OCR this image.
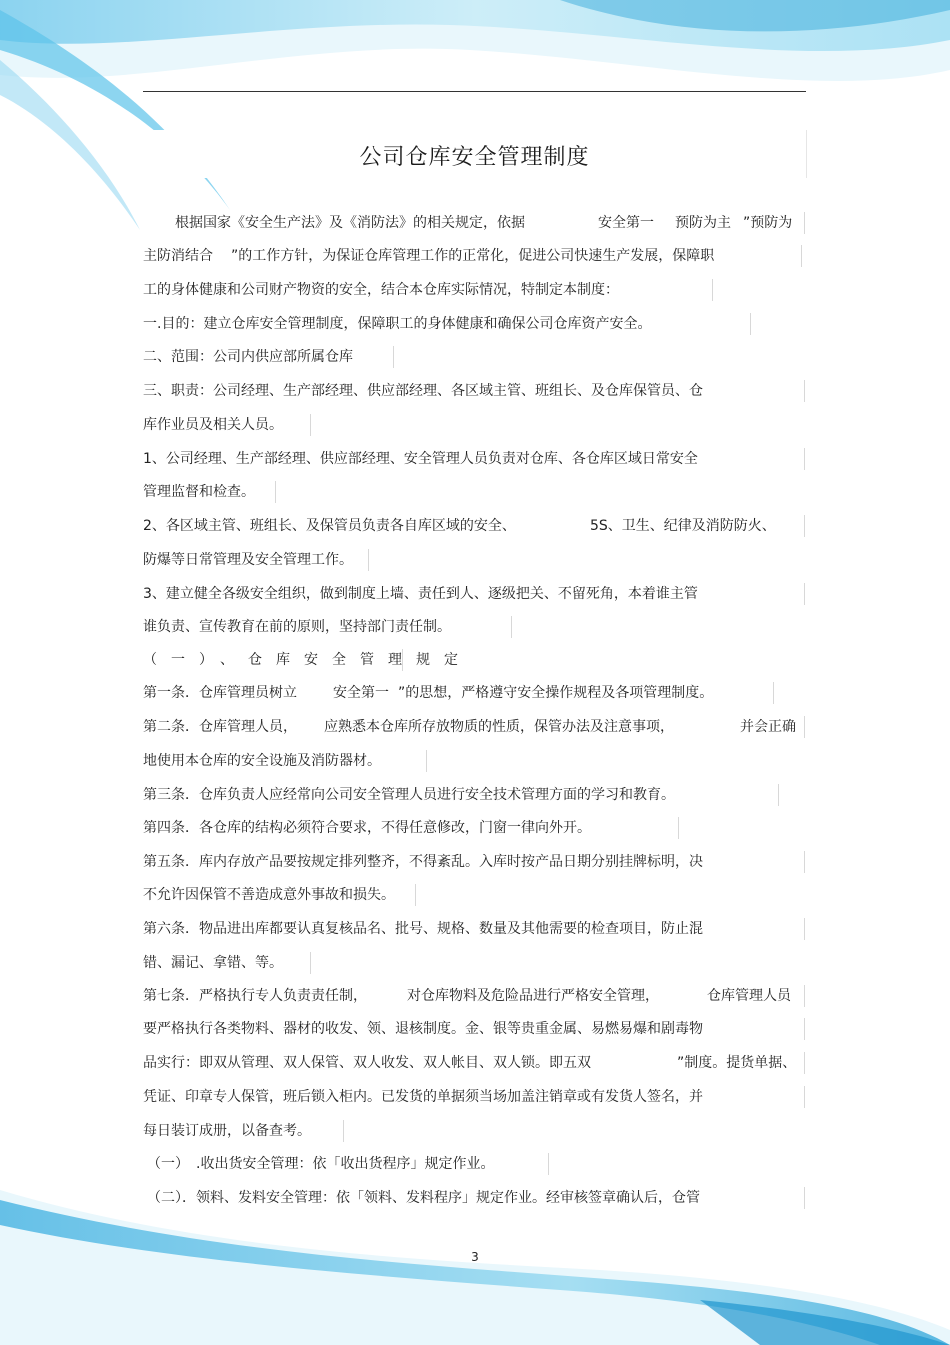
公司仓库安全管理制度
根据国家《安全生产法》及《消防法》的相关规定，依据	安全第一 预防为主 ”预防为
主防消结合 ”的工作方针，为保证仓库管理工作的正常化，促进公司快速生产发展，保障职
工的身体健康和公司财产物资的安全，结合本仓库实际情况，特制定本制度：
一.目的：建立仓库安全管理制度，保障职工的身体健康和确保公司仓库资产安全。
二、范围：公司内供应部所属仓库
三、职责：公司经理、生产部经理、供应部经理、各区域主管、班组长、及仓库保管员、仓
库作业员及相关人员。
1、公司经理、生产部经理、供应部经理、安全管理人员负责对仓库、各仓库区域日常安全
管理监督和检查。
2、各区域主管、班组长、及保管员负责各自库区域的安全、	5S、卫生、纪律及消防防火、
防爆等日常管理及安全管理工作。
3、建立健全各级安全组织，做到制度上墙、责任到人、逐级把关、不留死角，本着谁主管
谁负责、宣传教育在前的原则，坚持部门责任制。
（一）、仓库安全管理规定
第一条．仓库管理员树立	安全第一 ”的思想，严格遵守安全操作规程及各项管理制度。
第二条．仓库管理人员， 应熟悉本仓库所存放物质的性质，保管办法及注意事项，	并会正确
地使用本仓库的安全设施及消防器材。
第三条．仓库负责人应经常向公司安全管理人员进行安全技术管理方面的学习和教育。
第四条．各仓库的结构必须符合要求，不得任意修改，门窗一律向外开。
第五条．库内存放产品要按规定排列整齐，不得紊乱。入库时按产品日期分别挂牌标明，决
不允许因保管不善造成意外事故和损失。
第六条．物品进出库都要认真复核品名、批号、规格、数量及其他需要的检查项目，防止混
错、漏记、拿错、等。
第七条．严格执行专人负责责任制，	对仓库物料及危险品进行严格安全管理，	仓库管理人员
要严格执行各类物料、器材的收发、领、退核制度。金、银等贵重金属、易燃易爆和剧毒物
品实行：即双从管理、双人保管、双人收发、双人帐目、双人锁。即五双	”制度。提货单据、
凭证、印章专人保管，班后锁入柜内。已发货的单据须当场加盖注销章或有发货人签名，并
每日装订成册，以备查考。
（一） .收出货安全管理：依「收出货程序」规定作业。
（二）．领料、发料安全管理：依「领料、发料程序」规定作业。经审核签章确认后，仓管
3
